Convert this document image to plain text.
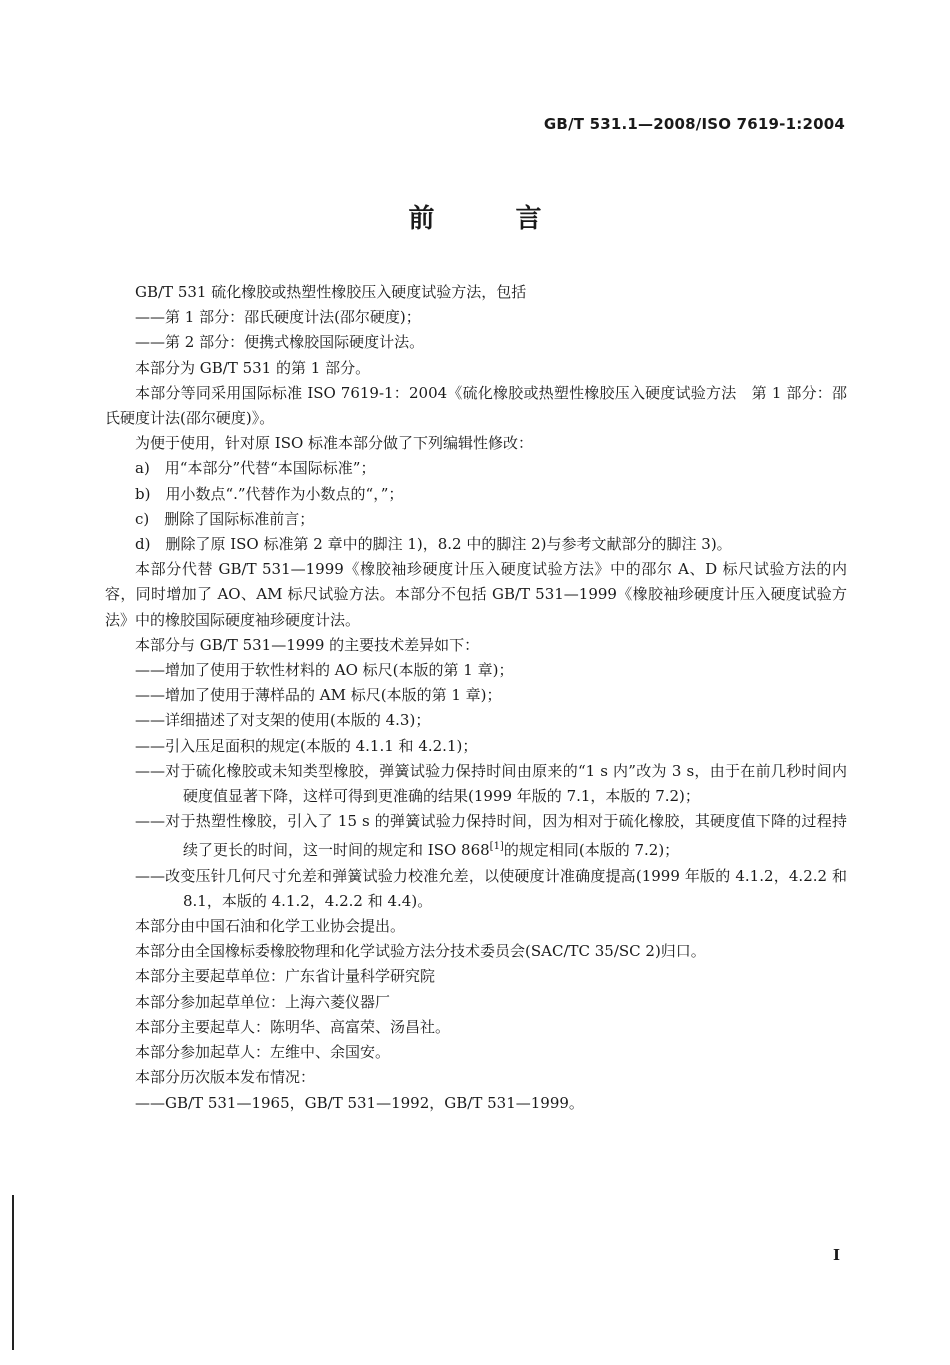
GB/T 531.1—2008/ISO 7619-1:2004
前 言

GB/T 531 硫化橡胶或热塑性橡胶压入硬度试验方法，包括

——第 1 部分：邵氏硬度计法(邵尔硬度)；

——第 2 部分：便携式橡胶国际硬度计法。

本部分为 GB/T 531 的第 1 部分。

本部分等同采用国际标准 ISO 7619-1：2004《硫化橡胶或热塑性橡胶压入硬度试验方法　第 1 部分：邵氏硬度计法(邵尔硬度)》。

为便于使用，针对原 ISO 标准本部分做了下列编辑性修改：

a)　用“本部分”代替“本国际标准”；

b)　用小数点“.”代替作为小数点的“，”；

c)　删除了国际标准前言；

d)　删除了原 ISO 标准第 2 章中的脚注 1)，8.2 中的脚注 2)与参考文献部分的脚注 3)。

本部分代替 GB/T 531—1999《橡胶袖珍硬度计压入硬度试验方法》中的邵尔 A、D 标尺试验方法的内容，同时增加了 AO、AM 标尺试验方法。本部分不包括 GB/T 531—1999《橡胶袖珍硬度计压入硬度试验方法》中的橡胶国际硬度袖珍硬度计法。

本部分与 GB/T 531—1999 的主要技术差异如下：

——增加了使用于软性材料的 AO 标尺(本版的第 1 章)；

——增加了使用于薄样品的 AM 标尺(本版的第 1 章)；

——详细描述了对支架的使用(本版的 4.3)；

——引入压足面积的规定(本版的 4.1.1 和 4.2.1)；

——对于硫化橡胶或未知类型橡胶，弹簧试验力保持时间由原来的“1 s 内”改为 3 s，由于在前几秒时间内硬度值显著下降，这样可得到更准确的结果(1999 年版的 7.1，本版的 7.2)；

——对于热塑性橡胶，引入了 15 s 的弹簧试验力保持时间，因为相对于硫化橡胶，其硬度值下降的过程持续了更长的时间，这一时间的规定和 ISO 868[1]的规定相同(本版的 7.2)；

——改变压针几何尺寸允差和弹簧试验力校准允差，以使硬度计准确度提高(1999 年版的 4.1.2，4.2.2 和 8.1，本版的 4.1.2，4.2.2 和 4.4)。

本部分由中国石油和化学工业协会提出。

本部分由全国橡标委橡胶物理和化学试验方法分技术委员会(SAC/TC 35/SC 2)归口。

本部分主要起草单位：广东省计量科学研究院

本部分参加起草单位：上海六菱仪器厂

本部分主要起草人：陈明华、高富荣、汤昌社。

本部分参加起草人：左维中、余国安。

本部分历次版本发布情况：

——GB/T 531—1965，GB/T 531—1992，GB/T 531—1999。

I
